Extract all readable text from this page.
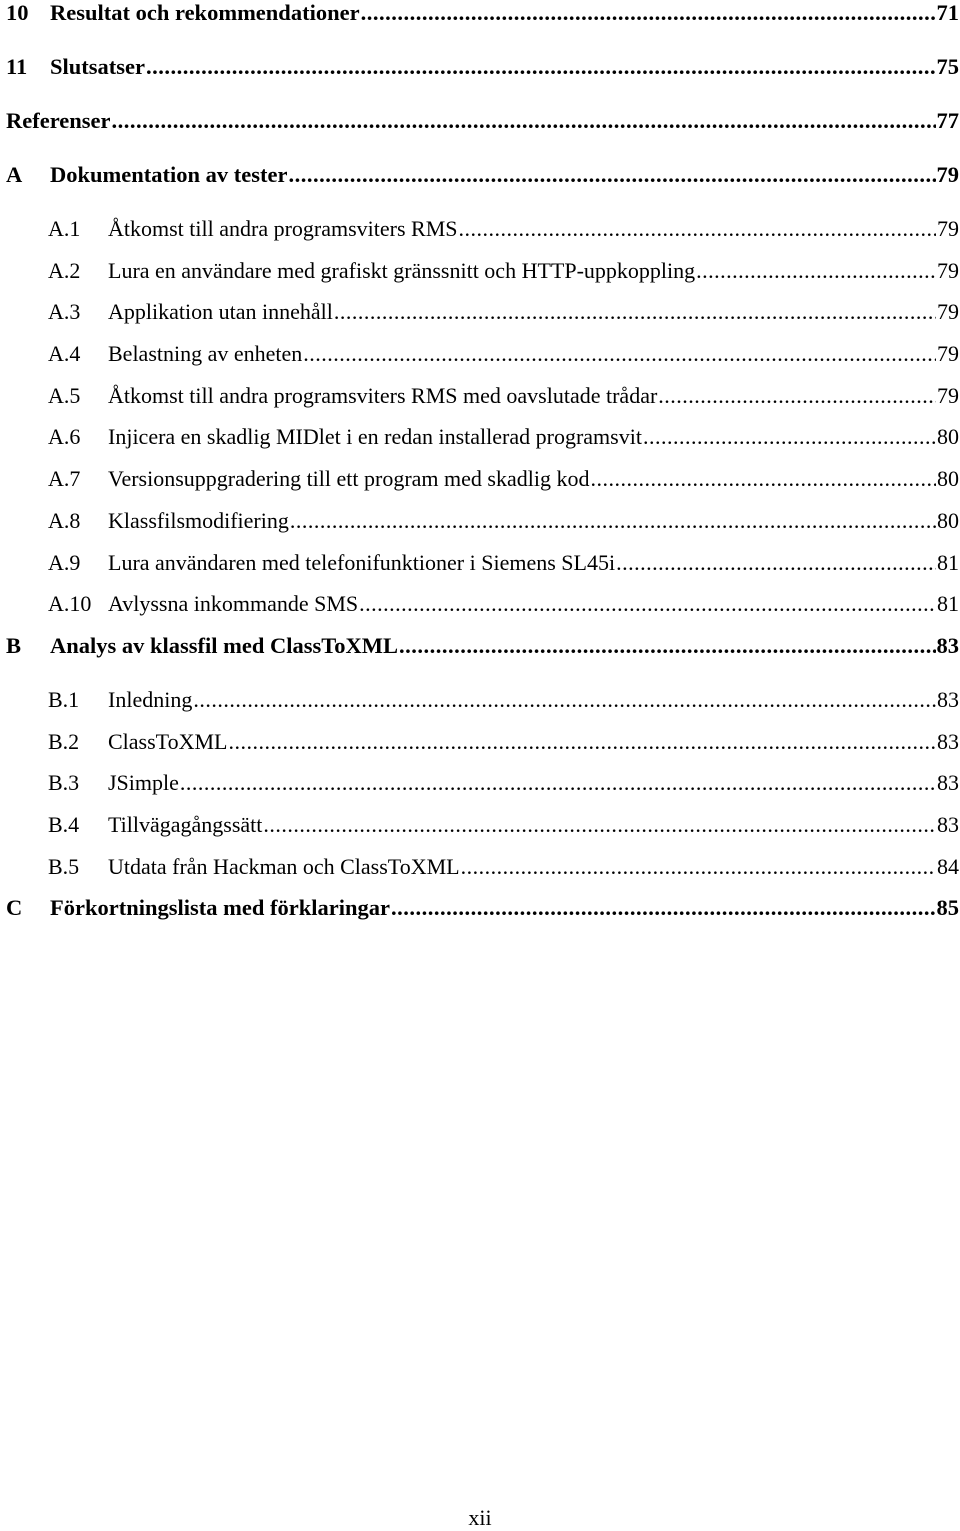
10 Resultat och rekommendationer .....	71
11	Slutsatser .....	75
Referenser .....	77
A	Dokumentation av tester .....	79
A.1	Åtkomst till andra programsviters RMS .....	79
A.2	Lura en användare med grafiskt gränssnitt och HTTP-uppkoppling .....	79
A.3	Applikation utan innehåll .....	79
A.4	Belastning av enheten .....	79
A.5	Åtkomst till andra programsviters RMS med oavslutade trådar .....	79
A.6	Injicera en skadlig MIDlet i en redan installerad programsvit .....	80
A.7	Versionsuppgradering till ett program med skadlig kod .....	80
A.8	Klassfilsmodifiering .....	80
A.9	Lura användaren med telefonifunktioner i Siemens SL45i .....	81
A.10 Avlyssna inkommande SMS .....	81
B	Analys av klassfil med ClassToXML .....	83
B.1	Inledning .....	83
B.2	ClassToXML .....	83
B.3	JSimple .....	83
B.4	Tillvägagångssätt .....	83
B.5	Utdata från Hackman och ClassToXML .....	84
C	Förkortningslista med förklaringar .....	85
xii
